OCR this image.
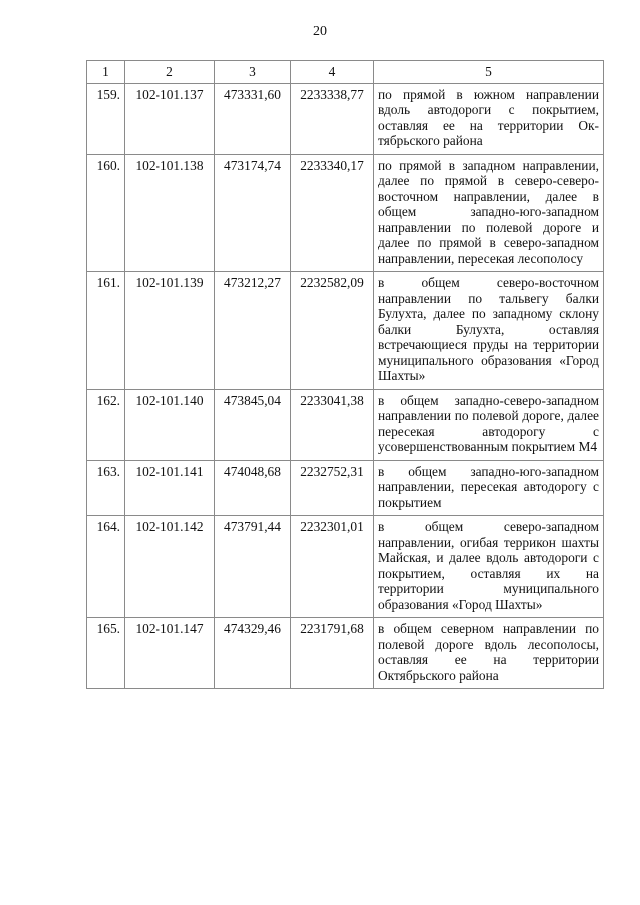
20
1	2	3	4	5
159.	102-101.137	473331,60	2233338,77	по прямой в южном направлении вдоль автодороги с покрытием, оставляя ее на территории Октябрьского района
160.	102-101.138	473174,74	2233340,17	по прямой в западном направлении, далее по прямой в северо-северо-восточном направлении, далее в общем западно-юго-западном направлении по полевой дороге и далее по прямой в северо-западном направлении, пересекая лесополосу
161.	102-101.139	473212,27	2232582,09	в общем северо-восточном направлении по тальвегу балки Булухта, далее по западному склону балки Булухта, оставляя встречающиеся пруды на территории муниципального образования «Город Шахты»
162.	102-101.140	473845,04	2233041,38	в общем западно-северо-западном направлении по полевой дороге, далее пересекая автодорогу с усовершенствованным покрытием М4
163.	102-101.141	474048,68	2232752,31	в общем западно-юго-западном направлении, пересекая автодорогу с покрытием
164.	102-101.142	473791,44	2232301,01	в общем северо-западном направлении, огибая террикон шахты Майская, и далее вдоль автодороги с покрытием, оставляя их на территории муниципального образования «Город Шахты»
165.	102-101.147	474329,46	2231791,68	в общем северном направлении по полевой дороге вдоль лесополосы, оставляя ее на территории Октябрьского района
